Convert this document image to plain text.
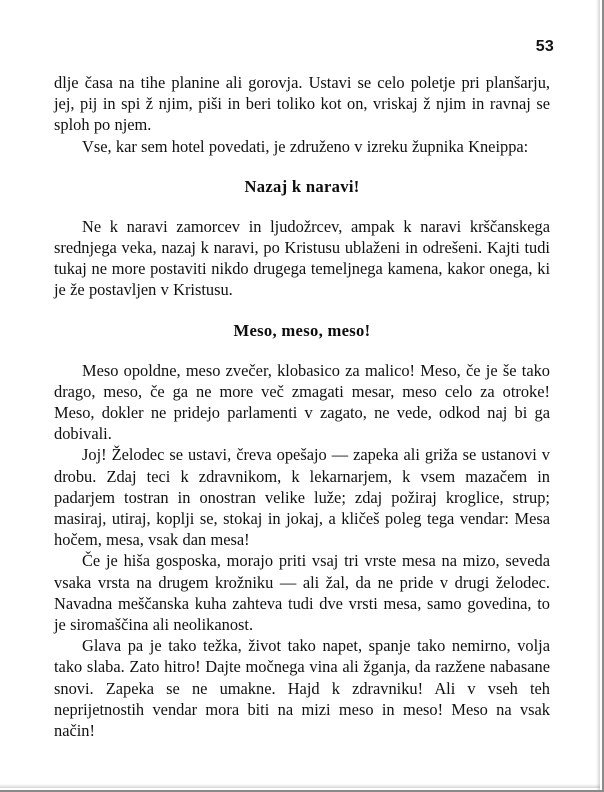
53

dlje časa na tihe planine ali gorovja. Ustavi se celo poletje pri planšarju, jej, pij in spi ž njim, piši in beri toliko kot on, vriskaj ž njim in ravnaj se sploh po njem.

Vse, kar sem hotel povedati, je združeno v izreku župnika Kneippa:

Nazaj k naravi!

Ne k naravi zamorcev in ljudožrcev, ampak k naravi krščanskega srednjega veka, nazaj k naravi, po Kristusu ublaženi in odrešeni. Kajti tudi tukaj ne more postaviti nikdo drugega temeljnega kamena, kakor onega, ki je že postavljen v Kristusu.

Meso, meso, meso!

Meso opoldne, meso zvečer, klobasico za malico! Meso, če je še tako drago, meso, če ga ne more več zmagati mesar, meso celo za otroke! Meso, dokler ne pridejo parlamenti v zagato, ne vede, odkod naj bi ga dobivali.

Joj! Želodec se ustavi, čreva opešajo — zapeka ali griža se ustanovi v drobu. Zdaj teci k zdravnikom, k lekarnarjem, k vsem mazačem in padarjem tostran in onostran velike luže; zdaj požiraj kroglice, strup; masiraj, utiraj, koplji se, stokaj in jokaj, a kličeš poleg tega vendar: Mesa hočem, mesa, vsak dan mesa!

Če je hiša gosposka, morajo priti vsaj tri vrste mesa na mizo, seveda vsaka vrsta na drugem krožniku — ali žal, da ne pride v drugi želodec. Navadna meščanska kuha zahteva tudi dve vrsti mesa, samo govedina, to je siromaščina ali neolikanost.

Glava pa je tako težka, život tako napet, spanje tako nemirno, volja tako slaba. Zato hitro! Dajte močnega vina ali žganja, da razžene nabasane snovi. Zapeka se ne umakne. Hajd k zdravniku! Ali v vseh teh neprijetnostih vendar mora biti na mizi meso in meso! Meso na vsak način!
